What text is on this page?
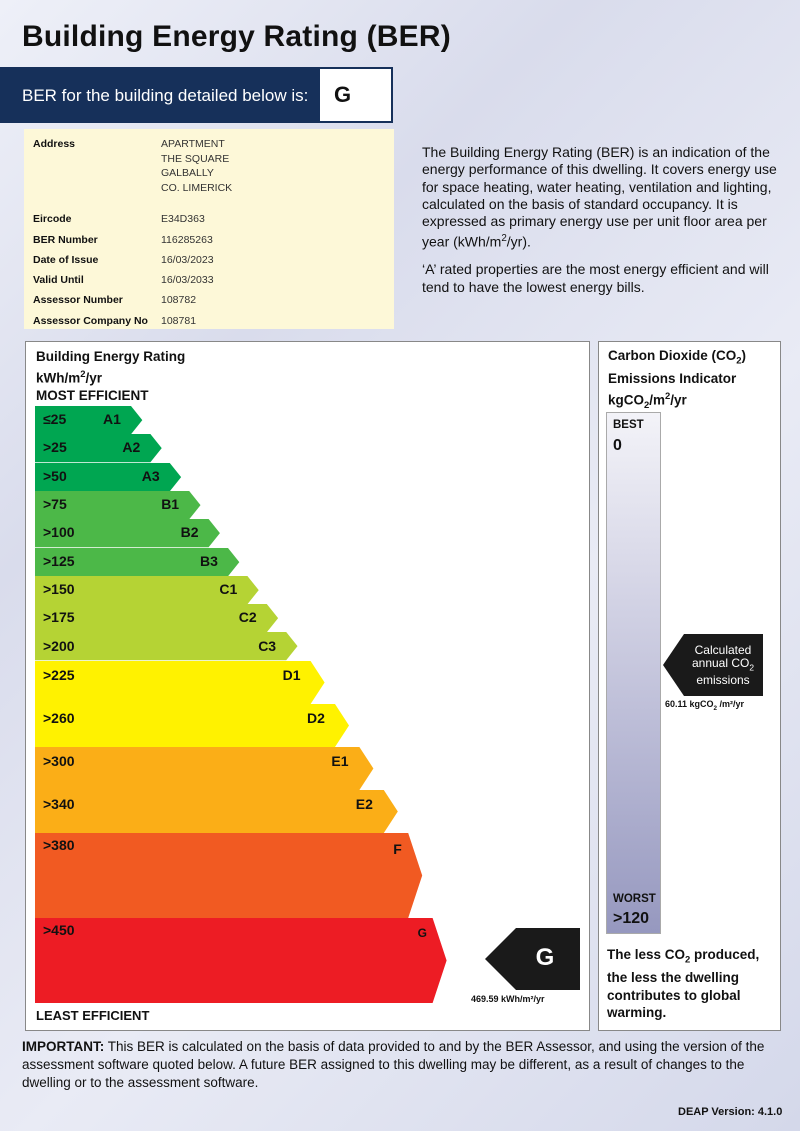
Building Energy Rating (BER)
BER for the building detailed below is: G
Address	APARTMENT
THE SQUARE
GALBALLY
CO. LIMERICK
Eircode	E34D363
BER Number	116285263
Date of Issue	16/03/2023
Valid Until	16/03/2033
Assessor Number	108782
Assessor Company No 108781

The Building Energy Rating (BER) is an indication of the energy performance of this dwelling. It covers energy use for space heating, water heating, ventilation and lighting, calculated on the basis of standard occupancy. It is expressed as primary energy use per unit floor area per year $(kWh/m^2/yr)$.

‘A’ rated properties are the most energy efficient and will tend to have the lowest energy bills.

Building Energy Rating
kWh/$m^2/yr$
MOST EFFICIENT
≤25	A1
>25	A2
>50	A3
>75	B1
>100	B2
>125	B3
>150	C1
>175	C2
>200	C3
>225	D1
>260	D2
>300	E1
>340	E2
>380	F
>450	G
G
469.59 kWh/m²/yr
LEAST EFFICIENT
Carbon Dioxide $(CO_2)$
Emissions Indicator
$kgCO_2/m^2/yr$
BEST
0
WORST
>120
Calculated
annual $CO_2$
emissions
60.11 kgCO$_2$ /m²/yr
The less $CO_2$ produced, the less the dwelling contributes to global warming.
IMPORTANT: This BER is calculated on the basis of data provided to and by the BER Assessor, and using the version of the assessment software quoted below. A future BER assigned to this dwelling may be different, as a result of changes to the dwelling or to the assessment software.
DEAP Version: 4.1.0
